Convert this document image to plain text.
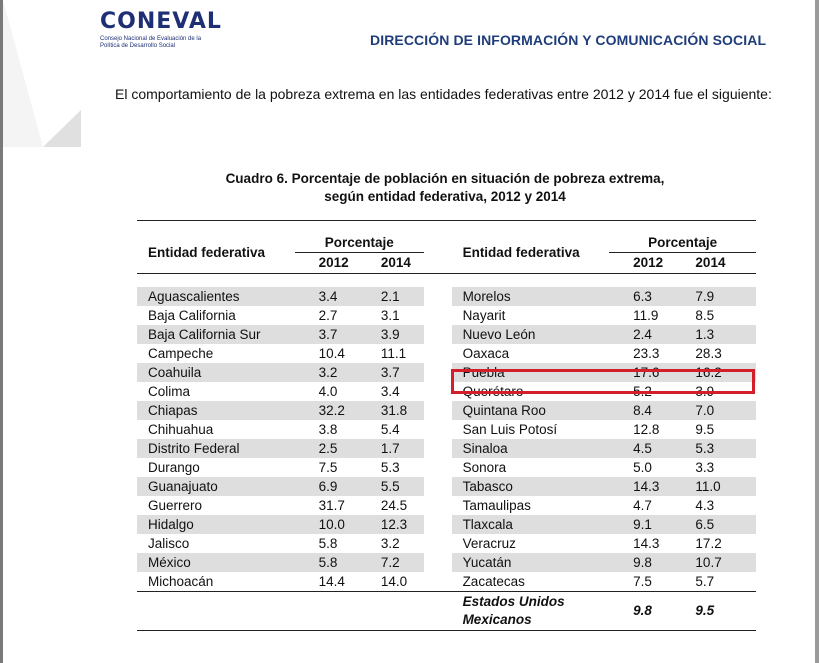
CONEVAL
Consejo Nacional de Evaluación de la Política de Desarrollo Social	DIRECCIÓN DE INFORMACIÓN Y COMUNICACIÓN SOCIAL
El comportamiento de la pobreza extrema en las entidades federativas entre 2012 y 2014 fue el siguiente:
Cuadro 6. Porcentaje de población en situación de pobreza extrema,
según entidad federativa, 2012 y 2014

Entidad federativa	Porcentaje			Entidad federativa	Porcentaje	
	2012	2014			2012	2014

Aguascalientes	3.4	2.1		Morelos	6.3	7.9
Baja California	2.7	3.1		Nayarit	11.9	8.5
Baja California Sur	3.7	3.9		Nuevo León	2.4	1.3
Campeche	10.4	11.1		Oaxaca	23.3	28.3
Coahuila	3.2	3.7		Puebla	17.6	16.2
Colima	4.0	3.4		Querétaro	5.2	3.9
Chiapas	32.2	31.8		Quintana Roo	8.4	7.0
Chihuahua	3.8	5.4		San Luis Potosí	12.8	9.5
Distrito Federal	2.5	1.7		Sinaloa	4.5	5.3
Durango	7.5	5.3		Sonora	5.0	3.3
Guanajuato	6.9	5.5		Tabasco	14.3	11.0
Guerrero	31.7	24.5		Tamaulipas	4.7	4.3
Hidalgo	10.0	12.3		Tlaxcala	9.1	6.5
Jalisco	5.8	3.2		Veracruz	14.3	17.2
México	5.8	7.2		Yucatán	9.8	10.7
Michoacán	14.4	14.0		Zacatecas	7.5	5.7
				Estados Unidos
Mexicanos	9.8	9.5
